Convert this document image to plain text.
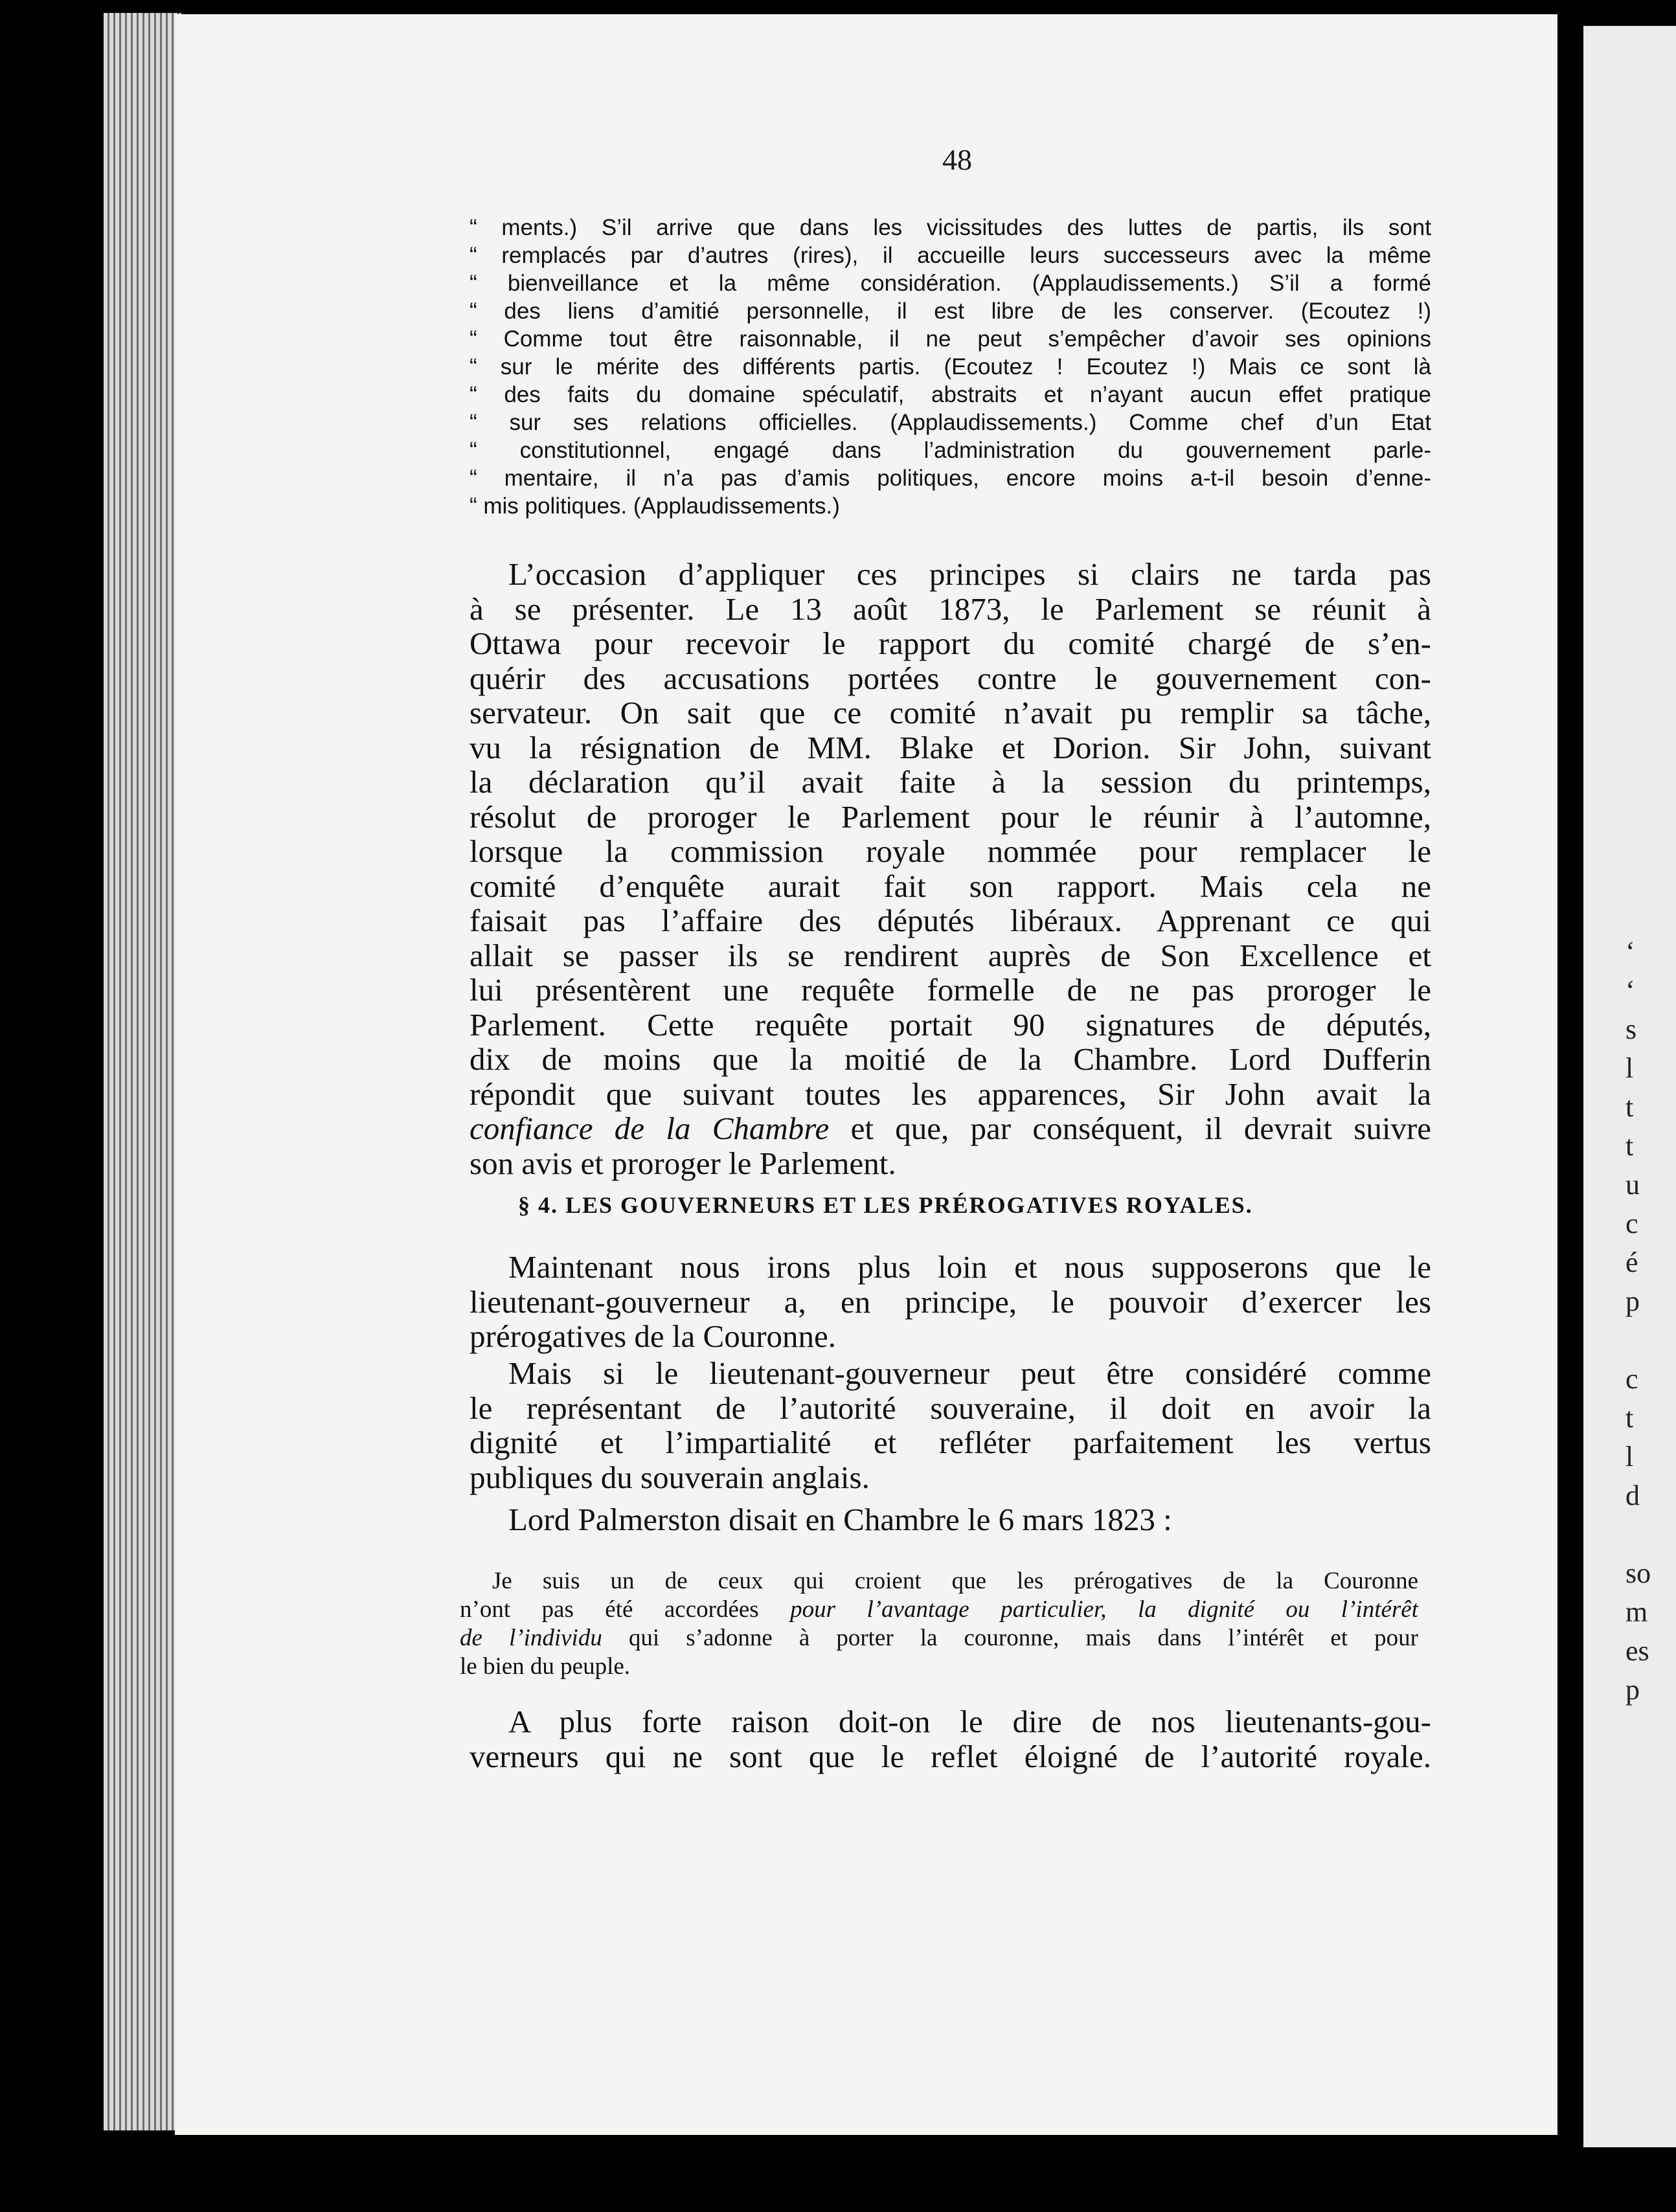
‘
‘
s
l
t
t
u
c
é
p

c
t
l
d

so
m
es
p
48
“ ments.) S’il arrive que dans les vicissitudes des luttes de partis, ils sont
“ remplacés par d’autres (rires), il accueille leurs successeurs avec la même
“ bienveillance et la même considération. (Applaudissements.) S’il a formé
“ des liens d’amitié personnelle, il est libre de les conserver. (Ecoutez !)
“ Comme tout être raisonnable, il ne peut s’empêcher d’avoir ses opinions
“ sur le mérite des différents partis. (Ecoutez ! Ecoutez !) Mais ce sont là
“ des faits du domaine spéculatif, abstraits et n’ayant aucun effet pratique
“ sur ses relations officielles. (Applaudissements.) Comme chef d’un Etat
“ constitutionnel, engagé dans l’administration du gouvernement parle-
“ mentaire, il n’a pas d’amis politiques, encore moins a-t-il besoin d’enne-
“ mis politiques. (Applaudissements.)
L’occasion d’appliquer ces principes si clairs ne tarda pas
à se présenter. Le 13 août 1873, le Parlement se réunit à
Ottawa pour recevoir le rapport du comité chargé de s’en-
quérir des accusations portées contre le gouvernement con-
servateur. On sait que ce comité n’avait pu remplir sa tâche,
vu la résignation de MM. Blake et Dorion. Sir John, suivant
la déclaration qu’il avait faite à la session du printemps,
résolut de proroger le Parlement pour le réunir à l’automne,
lorsque la commission royale nommée pour remplacer le
comité d’enquête aurait fait son rapport. Mais cela ne
faisait pas l’affaire des députés libéraux. Apprenant ce qui
allait se passer ils se rendirent auprès de Son Excellence et
lui présentèrent une requête formelle de ne pas proroger le
Parlement. Cette requête portait 90 signatures de députés,
dix de moins que la moitié de la Chambre. Lord Dufferin
répondit que suivant toutes les apparences, Sir John avait la
confiance de la Chambre et que, par conséquent, il devrait suivre
son avis et proroger le Parlement.
§ 4. LES GOUVERNEURS ET LES PRÉROGATIVES ROYALES.
Maintenant nous irons plus loin et nous supposerons que le
lieutenant-gouverneur a, en principe, le pouvoir d’exercer les
prérogatives de la Couronne.
Mais si le lieutenant-gouverneur peut être considéré comme
le représentant de l’autorité souveraine, il doit en avoir la
dignité et l’impartialité et refléter parfaitement les vertus
publiques du souverain anglais.
Lord Palmerston disait en Chambre le 6 mars 1823 :
Je suis un de ceux qui croient que les prérogatives de la Couronne
n’ont pas été accordées pour l’avantage particulier, la dignité ou l’intérêt
de l’individu qui s’adonne à porter la couronne, mais dans l’intérêt et pour
le bien du peuple.
A plus forte raison doit-on le dire de nos lieutenants-gou-
verneurs qui ne sont que le reflet éloigné de l’autorité royale.
